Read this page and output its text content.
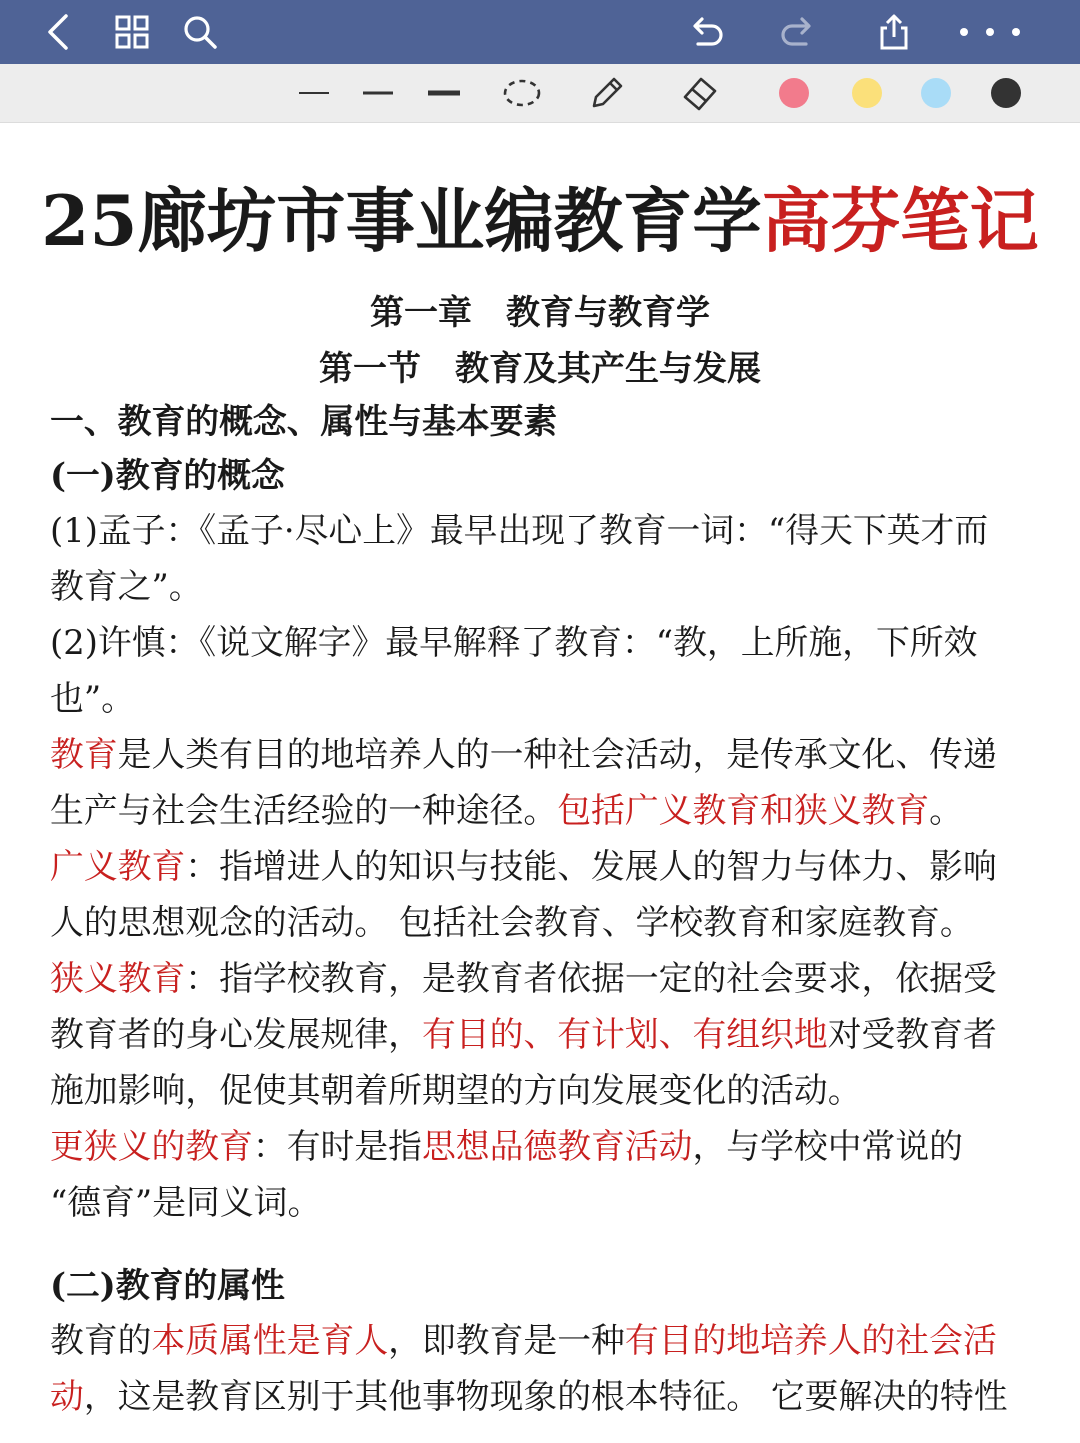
25廊坊市事业编教育学高芬笔记
第一章　教育与教育学
第一节　教育及其产生与发展
一、教育的概念、属性与基本要素
(一)教育的概念
(1)孟子：《孟子·尽心上》最早出现了教育一词：“得天下英才而
教育之”。
(2)许慎：《说文解字》最早解释了教育：“教，上所施，下所效
也”。
教育是人类有目的地培养人的一种社会活动，是传承文化、传递
生产与社会生活经验的一种途径。包括广义教育和狭义教育。
广义教育：指增进人的知识与技能、发展人的智力与体力、影响
人的思想观念的活动。 包括社会教育、学校教育和家庭教育。
狭义教育：指学校教育，是教育者依据一定的社会要求，依据受
教育者的身心发展规律，有目的、有计划、有组织地对受教育者
施加影响，促使其朝着所期望的方向发展变化的活动。
更狭义的教育：有时是指思想品德教育活动，与学校中常说的
“德育”是同义词。
(二)教育的属性
教育的本质属性是育人，即教育是一种有目的地培养人的社会活
动，这是教育区别于其他事物现象的根本特征。 它要解决的特性
